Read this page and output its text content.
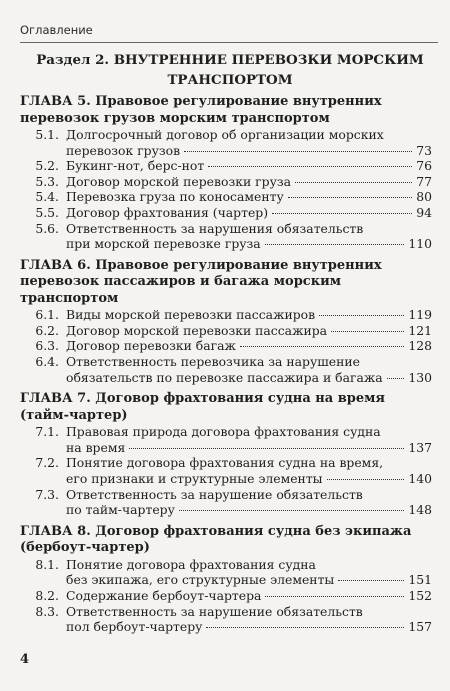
Оглавление
Раздел 2. ВНУТРЕННИЕ ПЕРЕВОЗКИ МОРСКИМ
ТРАНСПОРТОМ
ГЛАВА 5. Правовое регулирование внутренних
перевозок грузов морским транспортом
5.1. Долгосрочный договор об организации морских
перевозок грузов	73
5.2. Букинг-нот, берс-нот	76
5.3. Договор морской перевозки груза	77
5.4. Перевозка груза по коносаменту	80
5.5. Договор фрахтования (чартер)	94
5.6. Ответственность за нарушения обязательств
при морской перевозке груза	110
ГЛАВА 6. Правовое регулирование внутренних
перевозок пассажиров и багажа морским транспортом
6.1. Виды морской перевозки пассажиров	119
6.2. Договор морской перевозки пассажира	121
6.3. Договор перевозки багаж	128
6.4. Ответственность перевозчика за нарушение
обязательств по перевозке пассажира и багажа 130
ГЛАВА 7. Договор фрахтования судна на время
(тайм-чартер)
7.1. Правовая природа договора фрахтования судна
на время	137
7.2. Понятие договора фрахтования судна на время,
его признаки и структурные элементы	140
7.3. Ответственность за нарушение обязательств
по тайм-чартеру	148
ГЛАВА 8. Договор фрахтования судна без экипажа
(бербоут-чартер)
8.1. Понятие договора фрахтования судна
без экипажа, его структурные элементы	151
8.2. Содержание бербоут-чартера	152
8.3. Ответственность за нарушение обязательств
пол бербоут-чартеру	157
4
